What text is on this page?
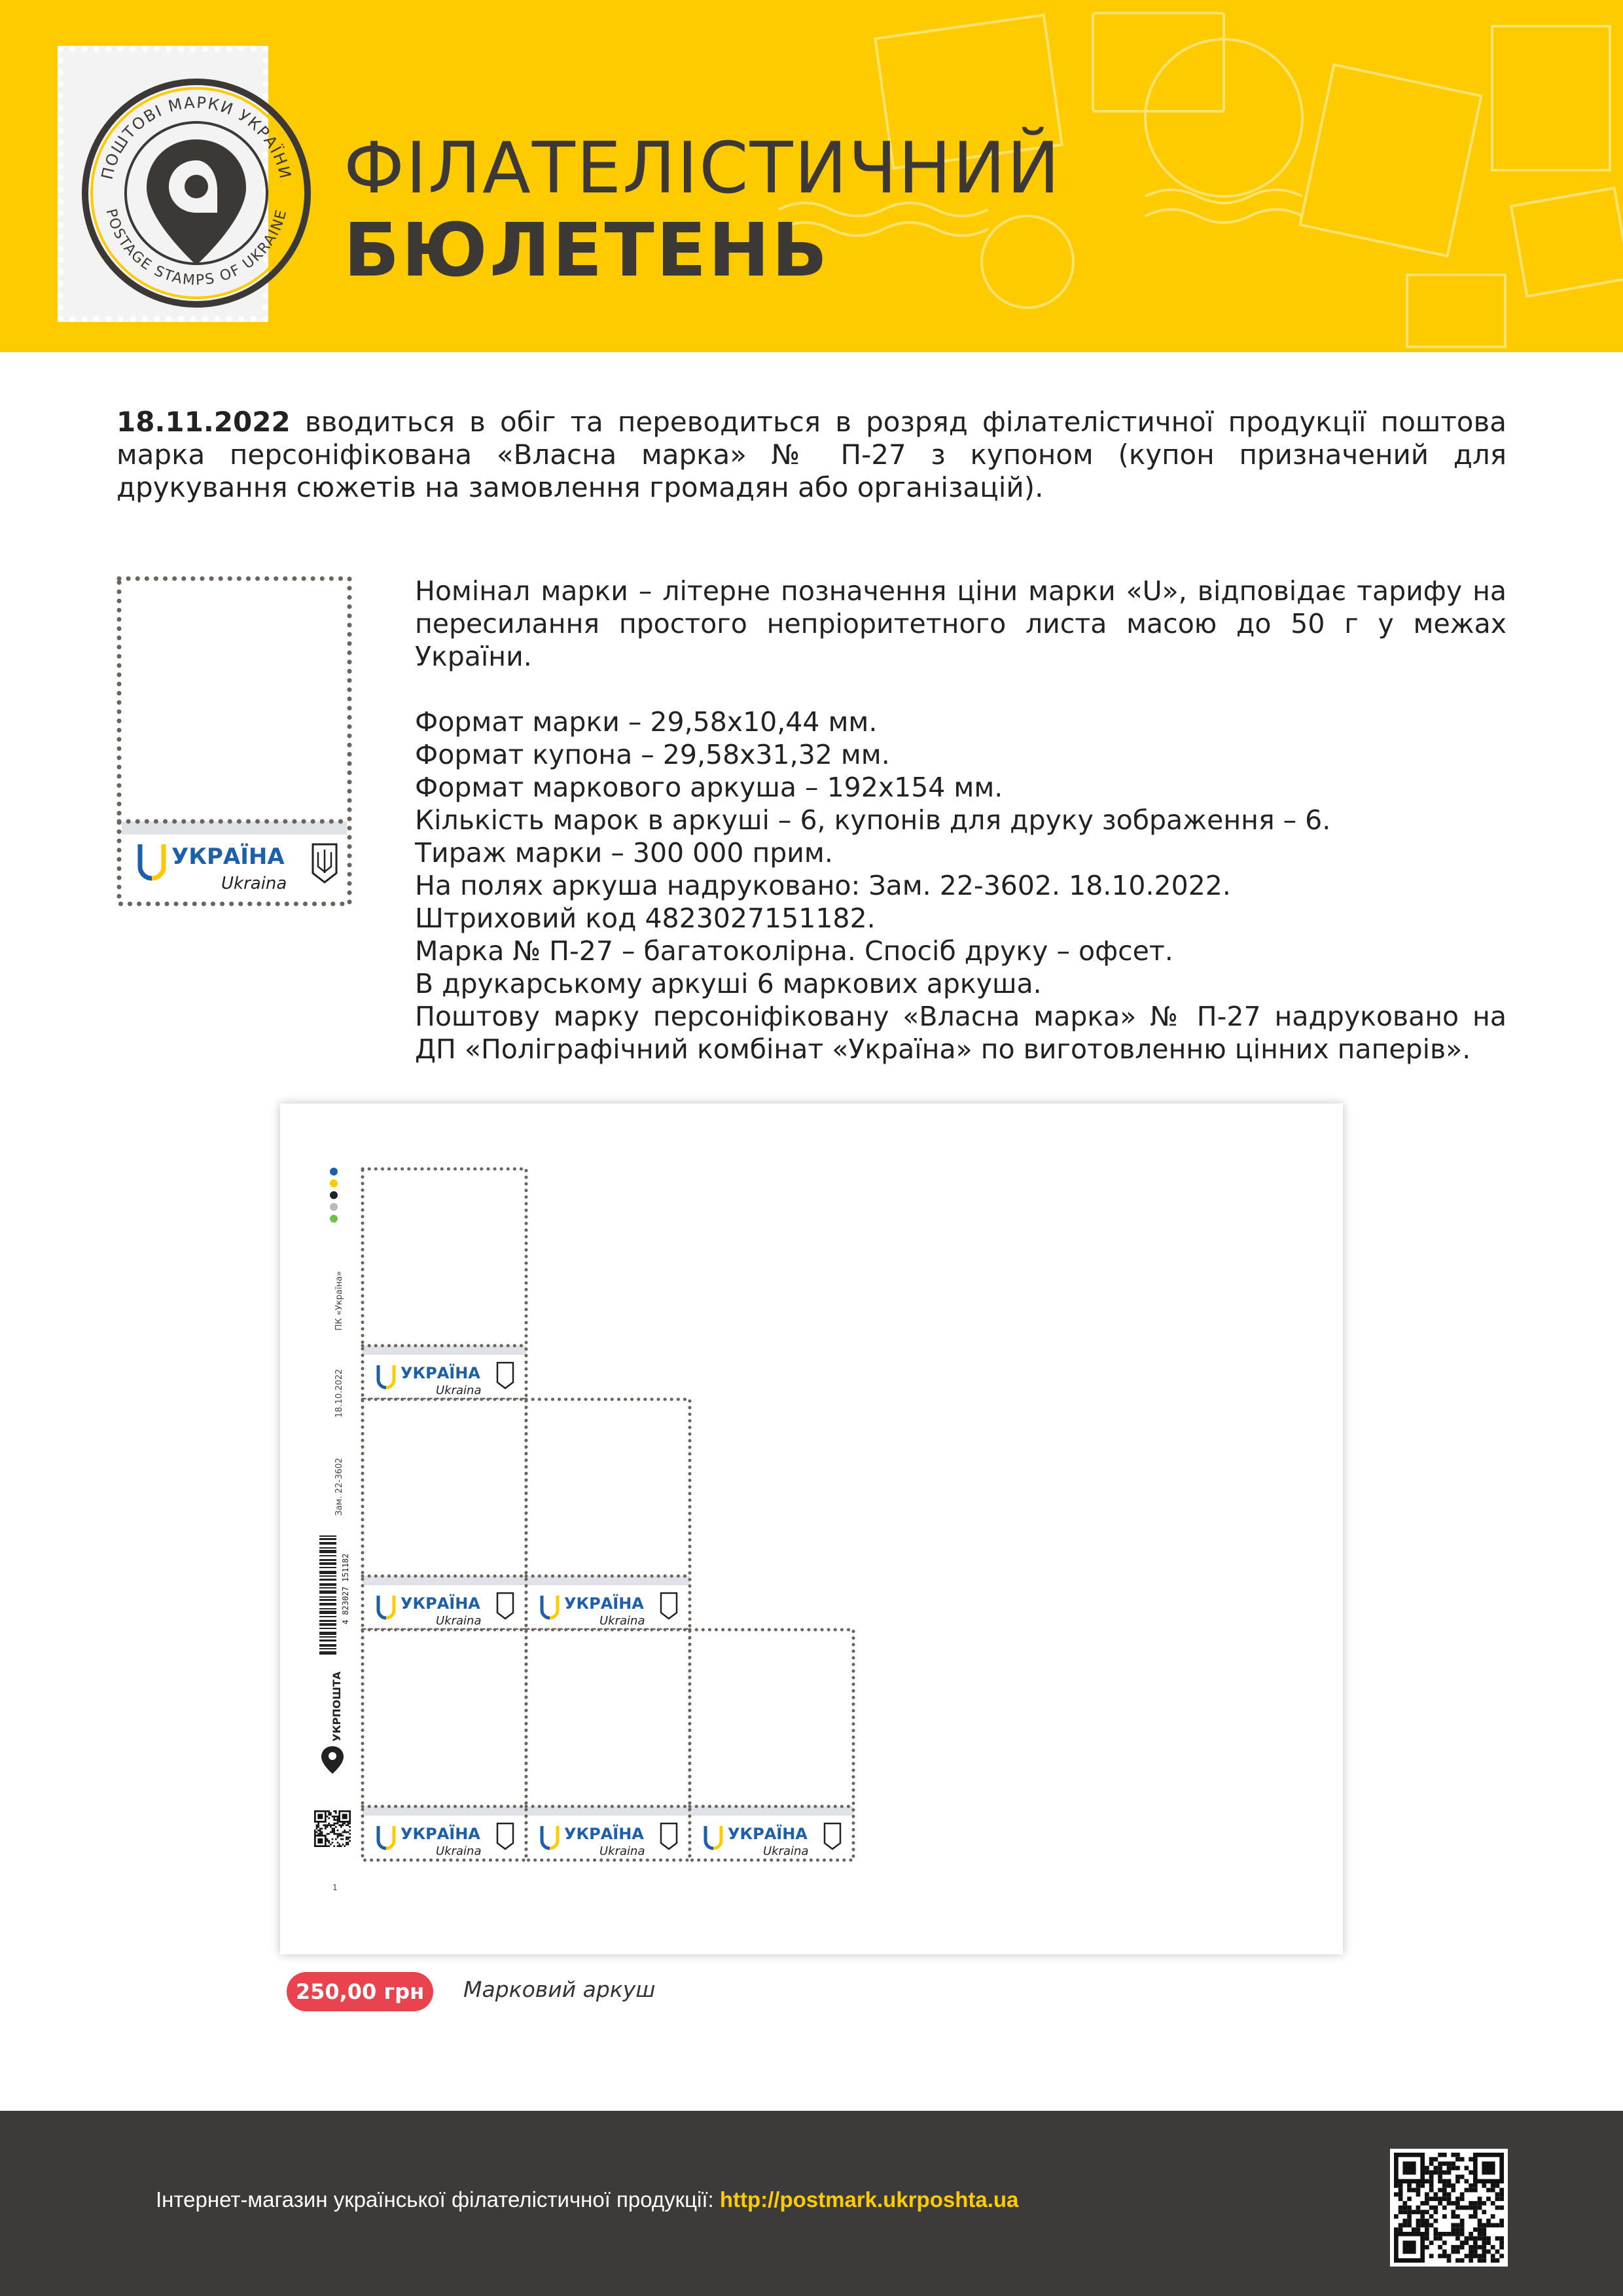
ПОШТОВІ МАРКИ УКРАЇНИ
POSTAGE STAMPS OF UKRAINE
ФІЛАТЕЛІСТИЧНИЙ
БЮЛЕТЕНЬ
18.11.2022 вводиться в обіг та переводиться в розряд філателістичної продукції поштова марка персоніфікована «Власна марка» № П-27 з купоном (купон призначений для друкування сюжетів на замовлення громадян або організацій).
УКРАЇНА
Ukraina

Номінал марки – літерне позначення ціни марки «U», відповідає тарифу на пересилання простого непріоритетного листа масою до 50 г у межах України.

Формат марки – 29,58х10,44 мм.

Формат купона – 29,58х31,32 мм.

Формат маркового аркуша – 192х154 мм.

Кількість марок в аркуші – 6, купонів для друку зображення – 6.

Тираж марки – 300 000 прим.

На полях аркуша надруковано: Зам. 22-3602. 18.10.2022.

Штриховий код 4823027151182.

Марка № П-27 – багатоколірна. Спосіб друку – офсет.

В друкарському аркуші 6 маркових аркуша.

Поштову марку персоніфіковану «Власна марка» № П-27 надруковано на ДП «Поліграфічний комбінат «Україна» по виготовленню цінних паперів».

ПК «Україна»
18.10.2022
Зам. 22-3602
4 823027 151182
УКРПОШТА
1
УКРАЇНА
Ukraina
УКРАЇНА
Ukraina
УКРАЇНА
Ukraina
УКРАЇНА
Ukraina
УКРАЇНА
Ukraina
УКРАЇНА
Ukraina
250,00 грн	Марковий аркуш
Інтернет-магазин української філателістичної продукції: http://postmark.ukrposhta.ua
